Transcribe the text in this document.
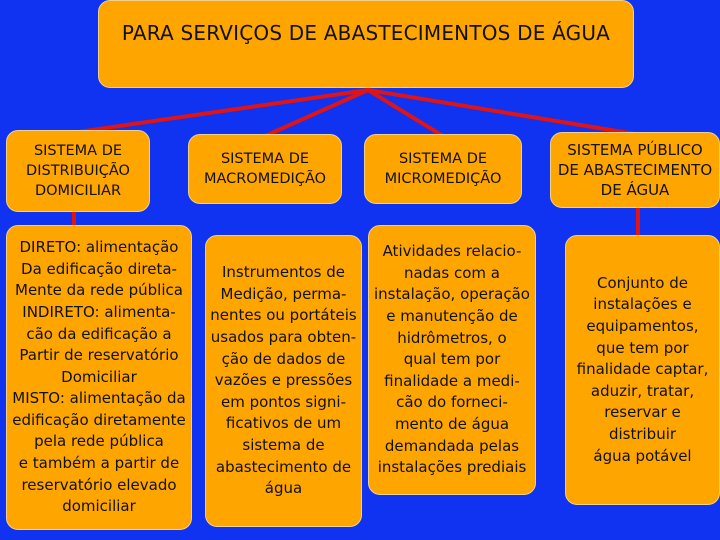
PARA SERVIÇOS DE ABASTECIMENTOS DE ÁGUA
SISTEMA DE
DISTRIBUIÇÃO
DOMICILIAR
SISTEMA DE
MACROMEDIÇÃO
SISTEMA DE
MICROMEDIÇÃO
SISTEMA PÚBLICO
DE ABASTECIMENTO
DE ÁGUA
DIRETO: alimentação
Da edificação direta-
Mente da rede pública
INDIRETO: alimenta-
cão da edificação a
Partir de reservatório
Domiciliar
MISTO: alimentação da
edificação diretamente
pela rede pública
e também a partir de
reservatório elevado
domiciliar
Instrumentos de
Medição, perma-
nentes ou portáteis
usados para obten-
ção de dados de
vazões e pressões
em pontos signi-
ficativos de um
sistema de
abastecimento de
água
Atividades relacio-
nadas com a
instalação, operação
e manutenção de
hidrômetros, o
qual tem por
finalidade a medi-
cão do forneci-
mento de água
demandada pelas
instalações prediais
Conjunto de
instalações e
equipamentos,
que tem por
finalidade captar,
aduzir, tratar,
reservar e
distribuir
água potável
